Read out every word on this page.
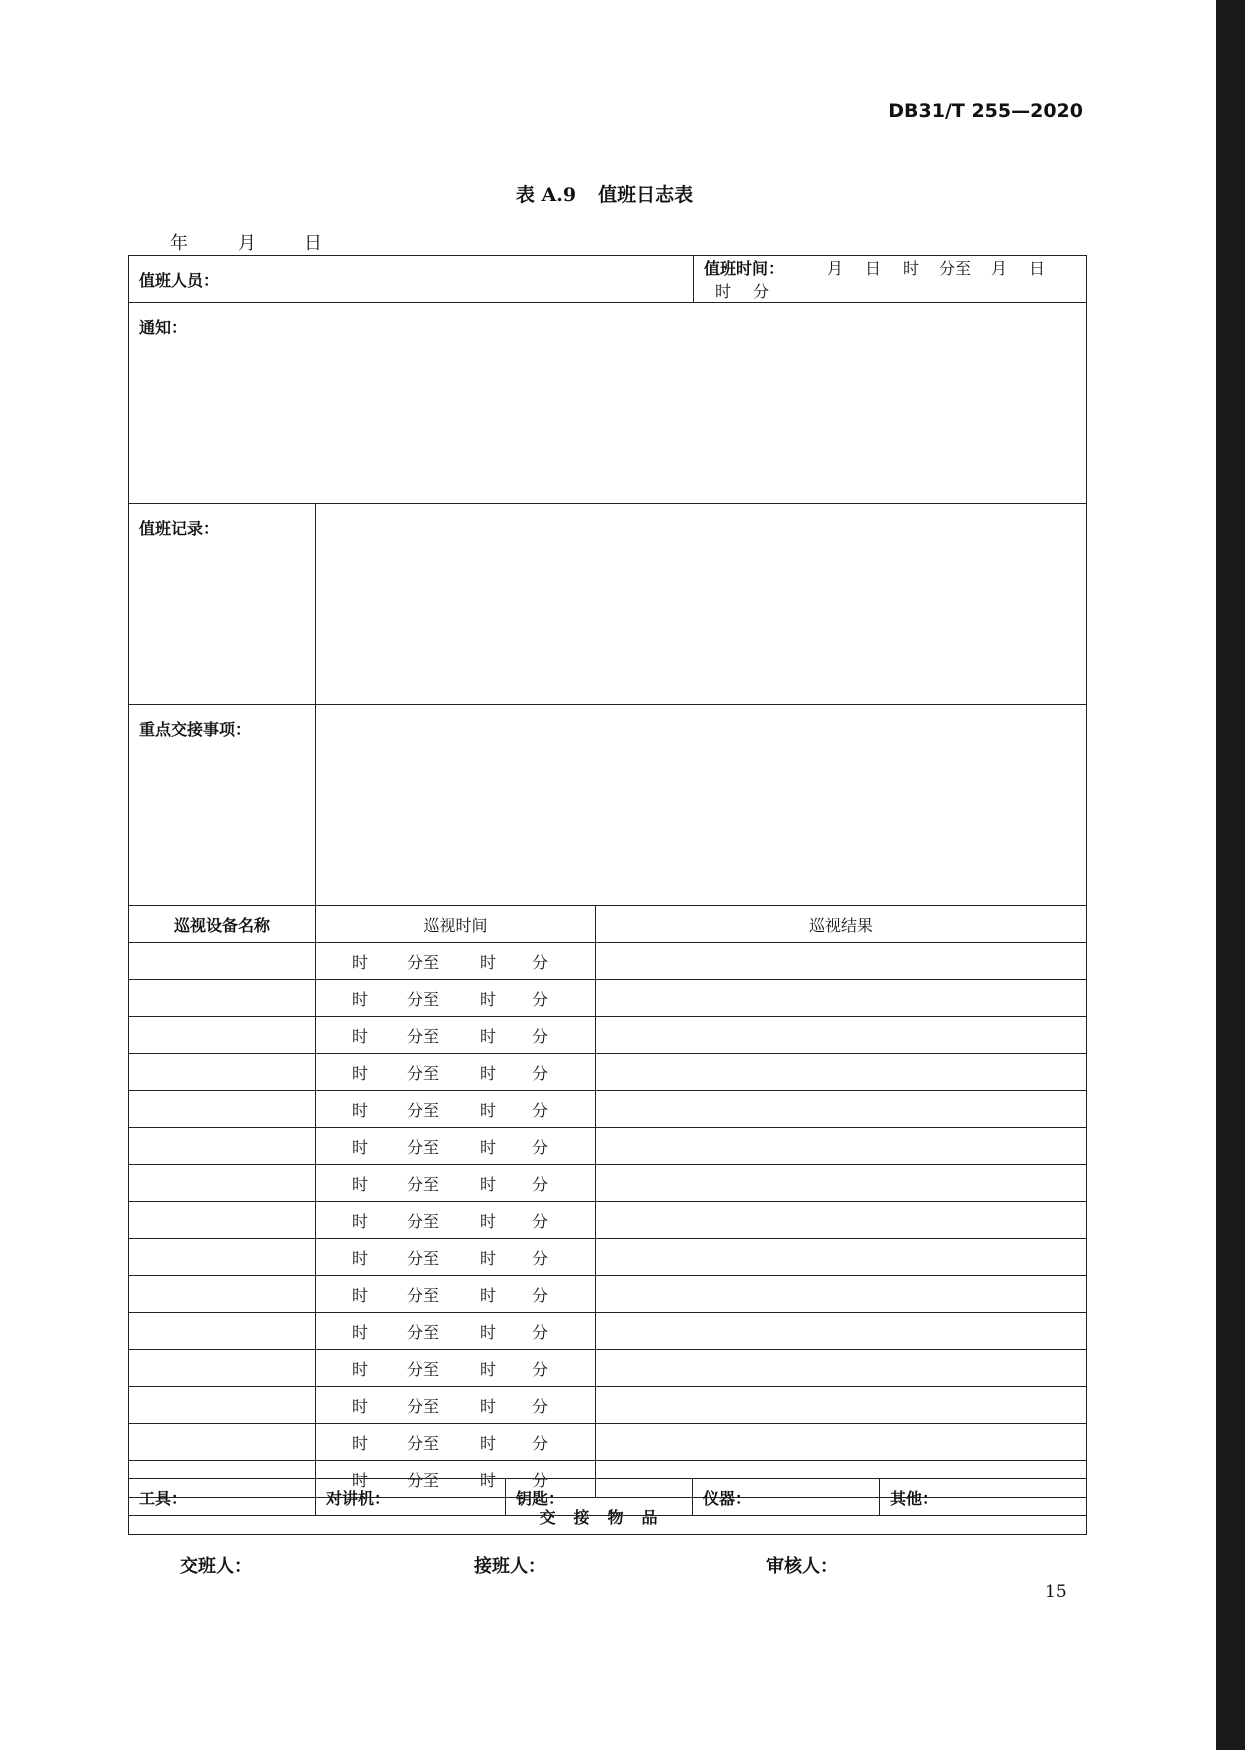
DB31/T 255—2020
表 A.9 值班日志表
年	月	日
值班人员：			值班时间： 月 日 时 分至 月 日时 分
通知：			
值班记录：			
重点交接事项：			
巡视设备名称	巡视时间	巡视结果	
	时 分至 时 分		
	时 分至 时 分		
	时 分至 时 分		
	时 分至 时 分		
	时 分至 时 分		
	时 分至 时 分		
	时 分至 时 分		
	时 分至 时 分		
	时 分至 时 分		
	时 分至 时 分		
	时 分至 时 分		
	时 分至 时 分		
	时 分至 时 分		
	时 分至 时 分		
	时 分至 时 分		
交接物品			
工具：	对讲机：	钥匙：	仪器：	其他：
交班人：	接班人：	审核人：
15
